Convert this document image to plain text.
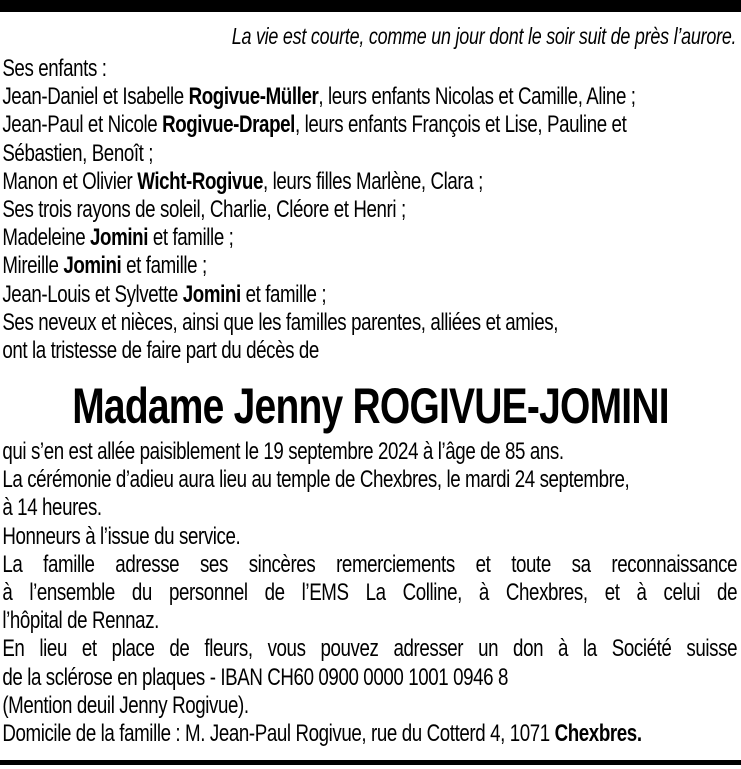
La vie est courte, comme un jour dont le soir suit de près l’aurore.
Ses enfants :
Jean-Daniel et Isabelle Rogivue-Müller, leurs enfants Nicolas et Camille, Aline ;
Jean-Paul et Nicole Rogivue-Drapel, leurs enfants François et Lise, Pauline et
Sébastien, Benoît ;
Manon et Olivier Wicht-Rogivue, leurs filles Marlène, Clara ;
Ses trois rayons de soleil, Charlie, Cléore et Henri ;
Madeleine Jomini et famille ;
Mireille Jomini et famille ;
Jean-Louis et Sylvette Jomini et famille ;
Ses neveux et nièces, ainsi que les familles parentes, alliées et amies,
ont la tristesse de faire part du décès de
Madame Jenny ROGIVUE-JOMINI
qui s’en est allée paisiblement le 19 septembre 2024 à l’âge de 85 ans.
La cérémonie d’adieu aura lieu au temple de Chexbres, le mardi 24 septembre,
à 14 heures.
Honneurs à l’issue du service.
La famille adresse ses sincères remerciements et toute sa reconnaissance
à l’ensemble du personnel de l’EMS La Colline, à Chexbres, et à celui de
l’hôpital de Rennaz.
En lieu et place de fleurs, vous pouvez adresser un don à la Société suisse
de la sclérose en plaques - IBAN CH60 0900 0000 1001 0946 8
(Mention deuil Jenny Rogivue).
Domicile de la famille : M. Jean-Paul Rogivue, rue du Cotterd 4, 1071 Chexbres.
